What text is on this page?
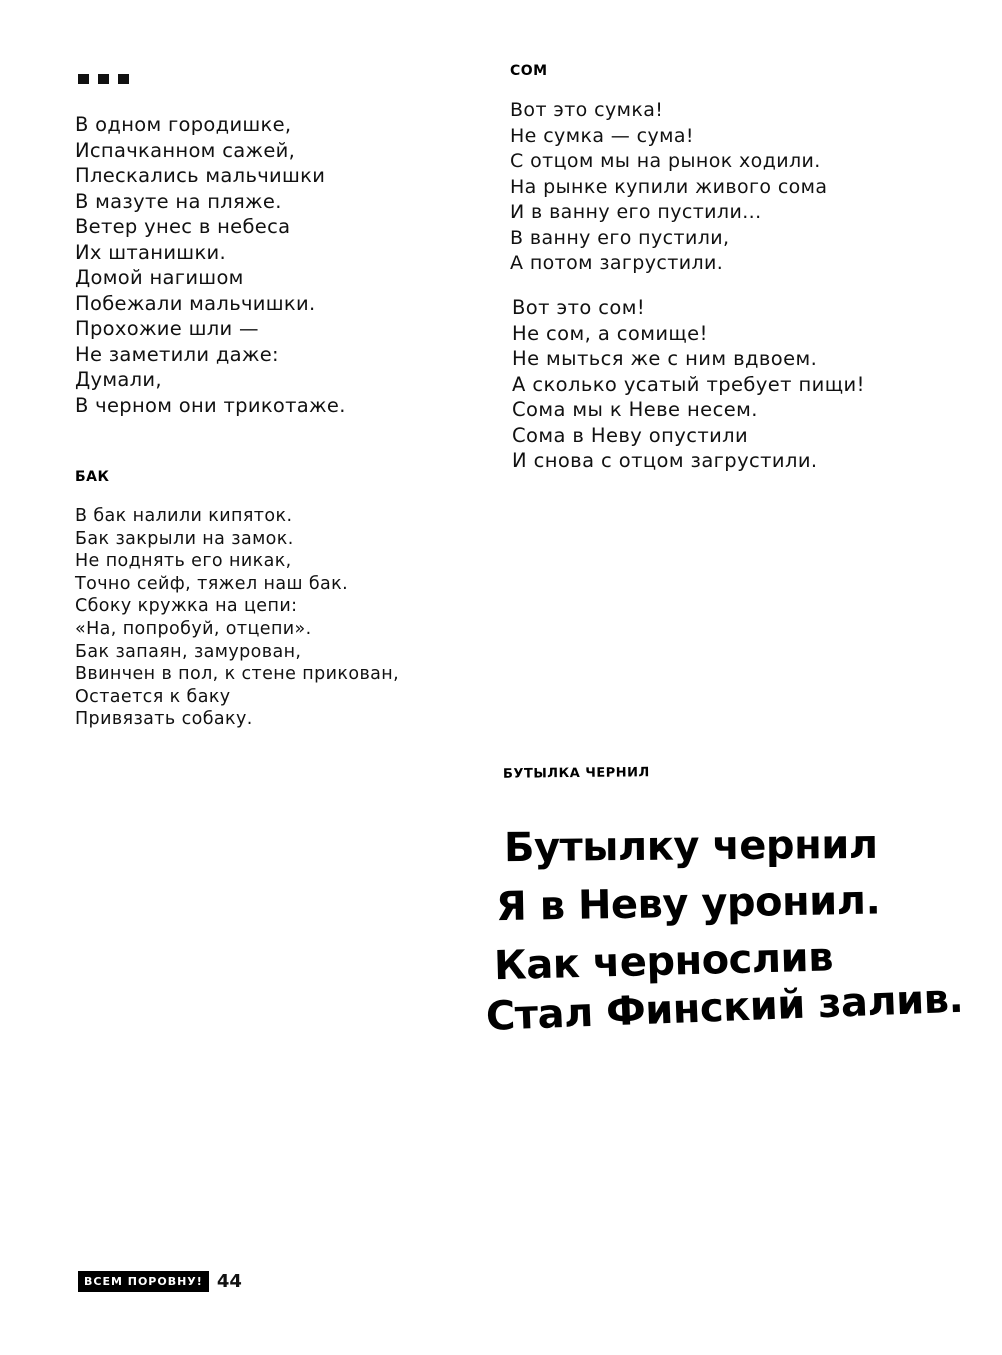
В одном городишке,
Испачканном сажей,
Плескались мальчишки
В мазуте на пляже.
Ветер унес в небеса
Их штанишки.
Домой нагишом
Побежали мальчишки.
Прохожие шли —
Не заметили даже:
Думали,
В черном они трикотаже.
БАК
В бак налили кипяток.
Бак закрыли на замок.
Не поднять его никак,
Точно сейф, тяжел наш бак.
Сбоку кружка на цепи:
«На, попробуй, отцепи».
Бак запаян, замурован,
Ввинчен в пол, к стене прикован,
Остается к баку
Привязать собаку.
СОМ
Вот это сумка!
Не сумка — сума!
С отцом мы на рынок ходили.
На рынке купили живого сома
И в ванну его пустили...
В ванну его пустили,
А потом загрустили.
Вот это сом!
Не сом, а сомище!
Не мыться же с ним вдвоем.
А сколько усатый требует пищи!
Сома мы к Неве несем.
Сома в Неву опустили
И снова с отцом загрустили.
БУТЫЛКА ЧЕРНИЛ
Бутылку чернил
Я в Неву уронил.
Как чернослив
Стал Финский залив.
ВСЕМ ПОРОВНУ! 44
